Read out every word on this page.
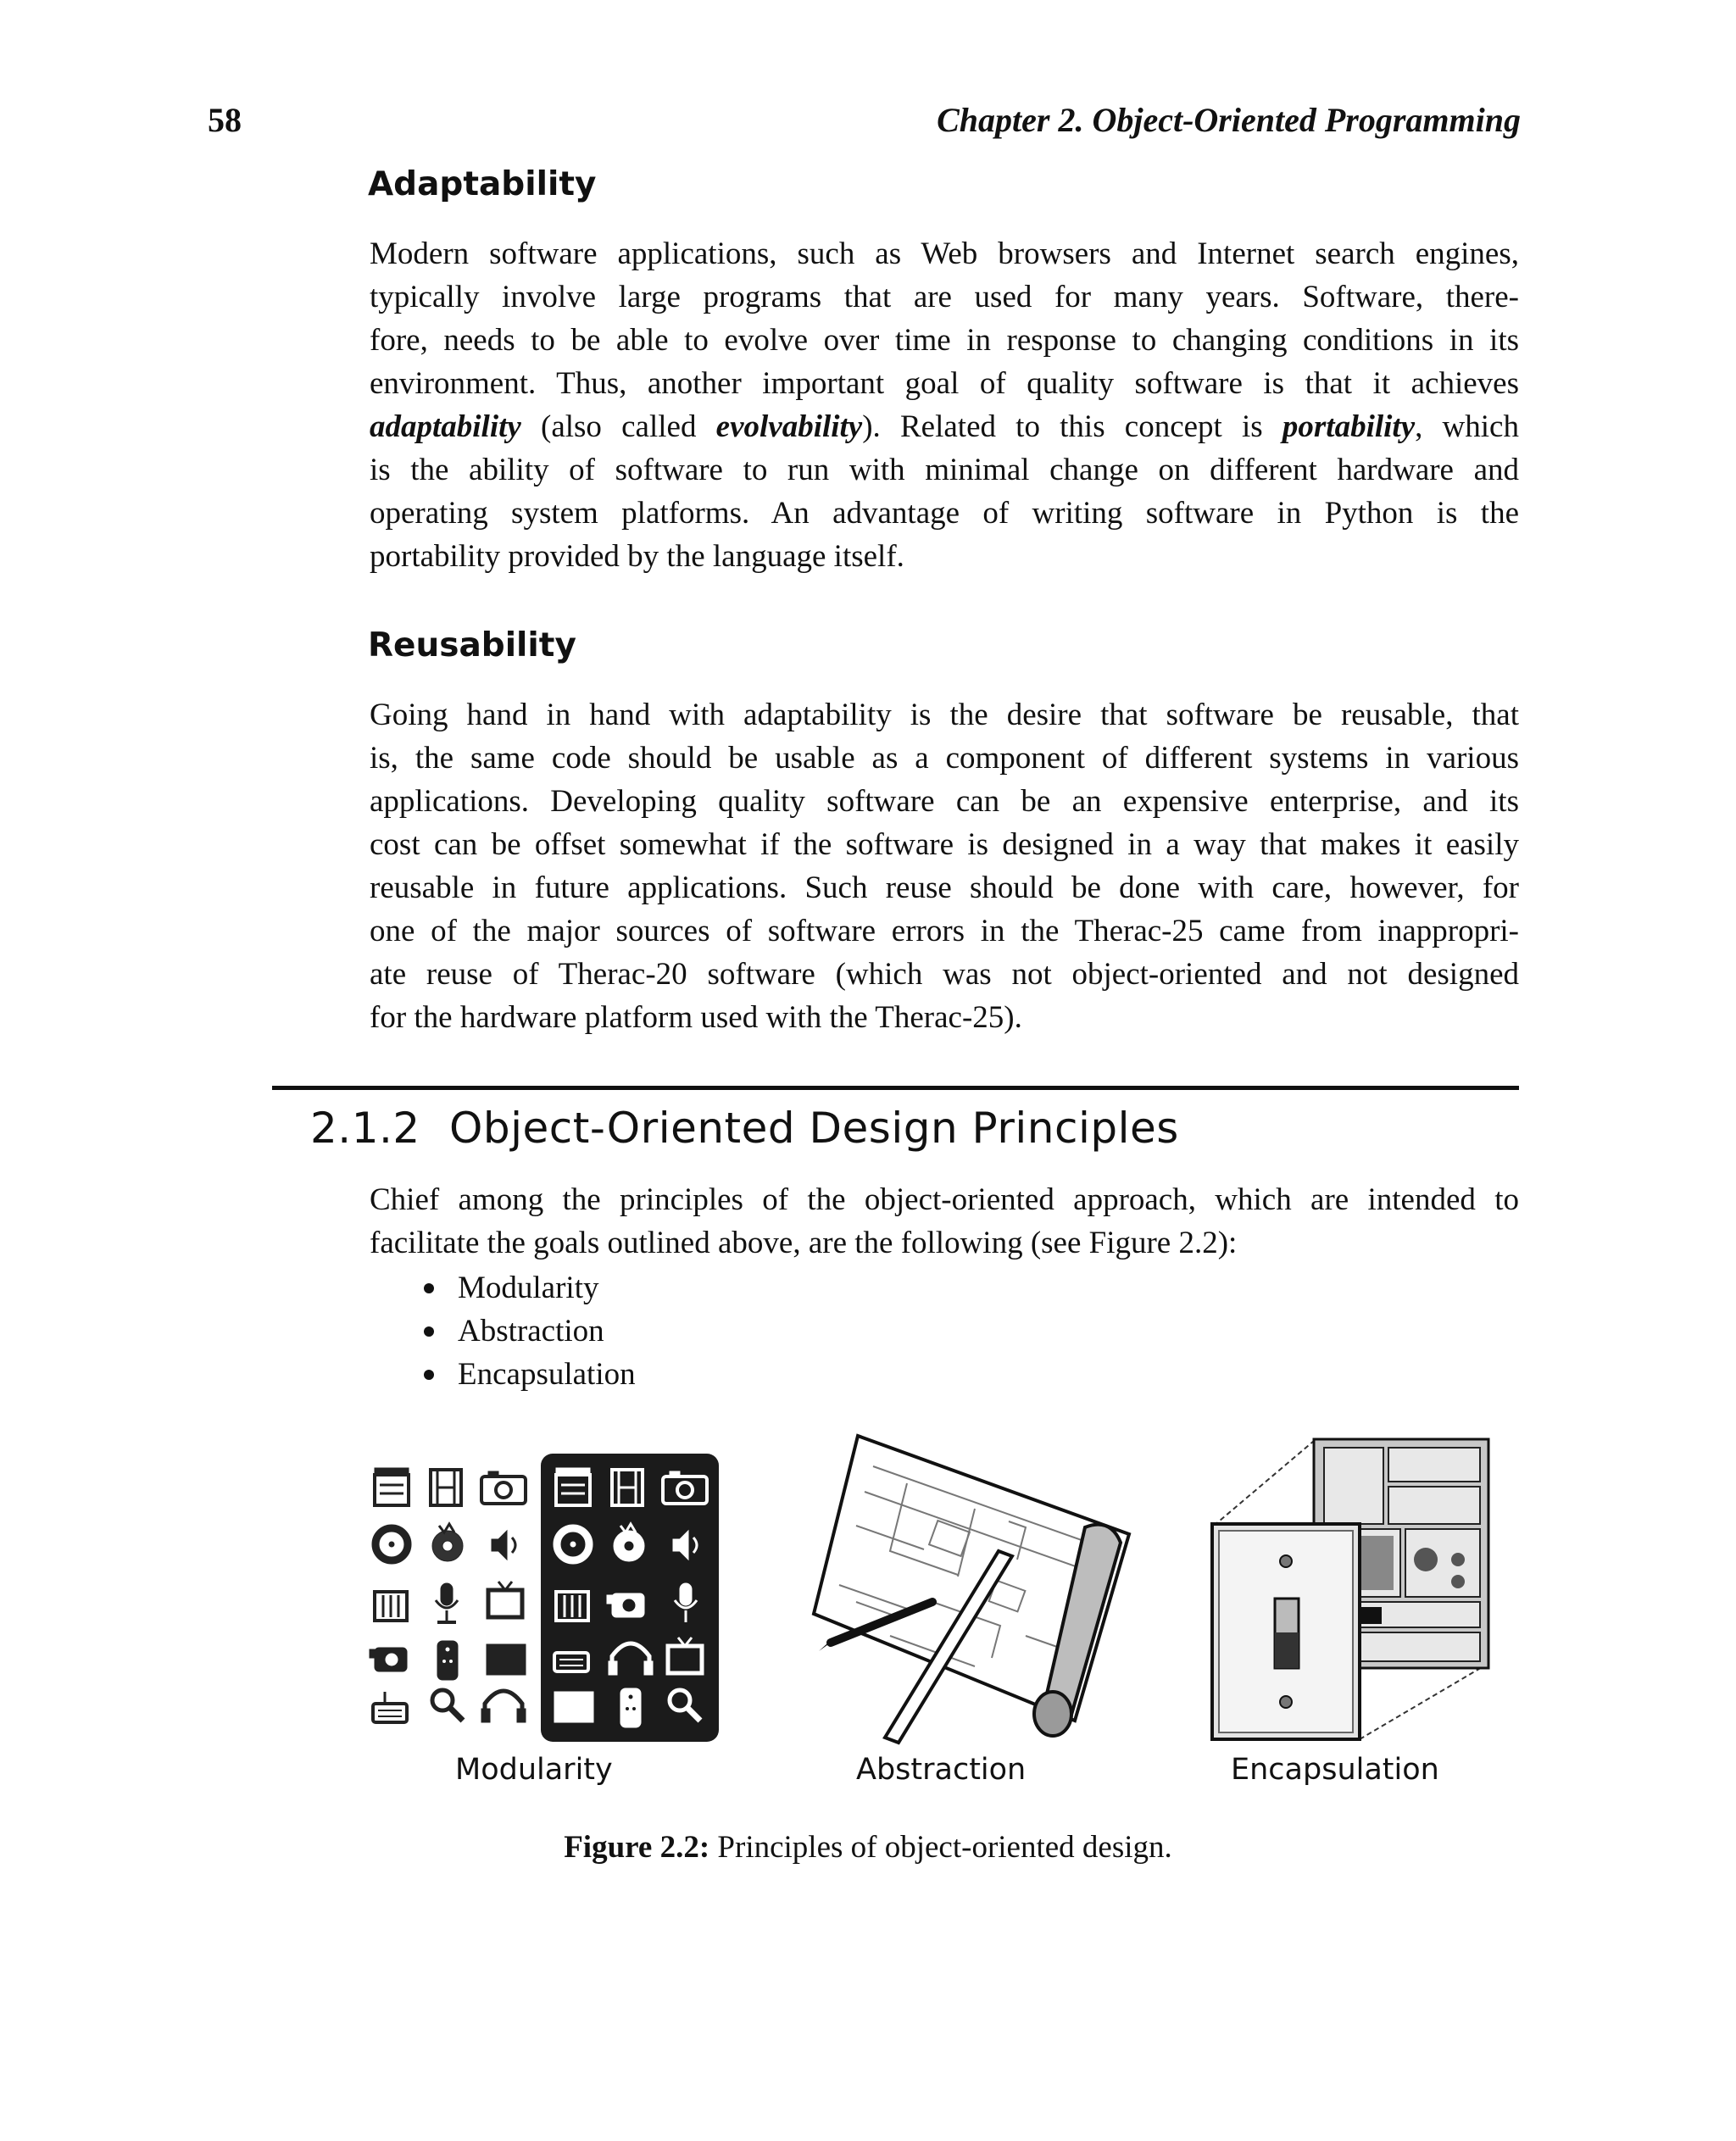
58	Chapter 2. Object-Oriented Programming
Adaptability
Modern software applications, such as Web browsers and Internet search engines,
typically involve large programs that are used for many years. Software, there-
fore, needs to be able to evolve over time in response to changing conditions in its
environment. Thus, another important goal of quality software is that it achieves
adaptability (also called evolvability). Related to this concept is portability, which
is the ability of software to run with minimal change on different hardware and
operating system platforms. An advantage of writing software in Python is the
portability provided by the language itself.
Reusability
Going hand in hand with adaptability is the desire that software be reusable, that
is, the same code should be usable as a component of different systems in various
applications. Developing quality software can be an expensive enterprise, and its
cost can be offset somewhat if the software is designed in a way that makes it easily
reusable in future applications. Such reuse should be done with care, however, for
one of the major sources of software errors in the Therac-25 came from inappropri-
ate reuse of Therac-20 software (which was not object-oriented and not designed
for the hardware platform used with the Therac-25).
2.1.2 Object-Oriented Design Principles
Chief among the principles of the object-oriented approach, which are intended to
facilitate the goals outlined above, are the following (see Figure 2.2):
Modularity
Abstraction
Encapsulation
Modularity	Abstraction	Encapsulation
Figure 2.2: Principles of object-oriented design.
